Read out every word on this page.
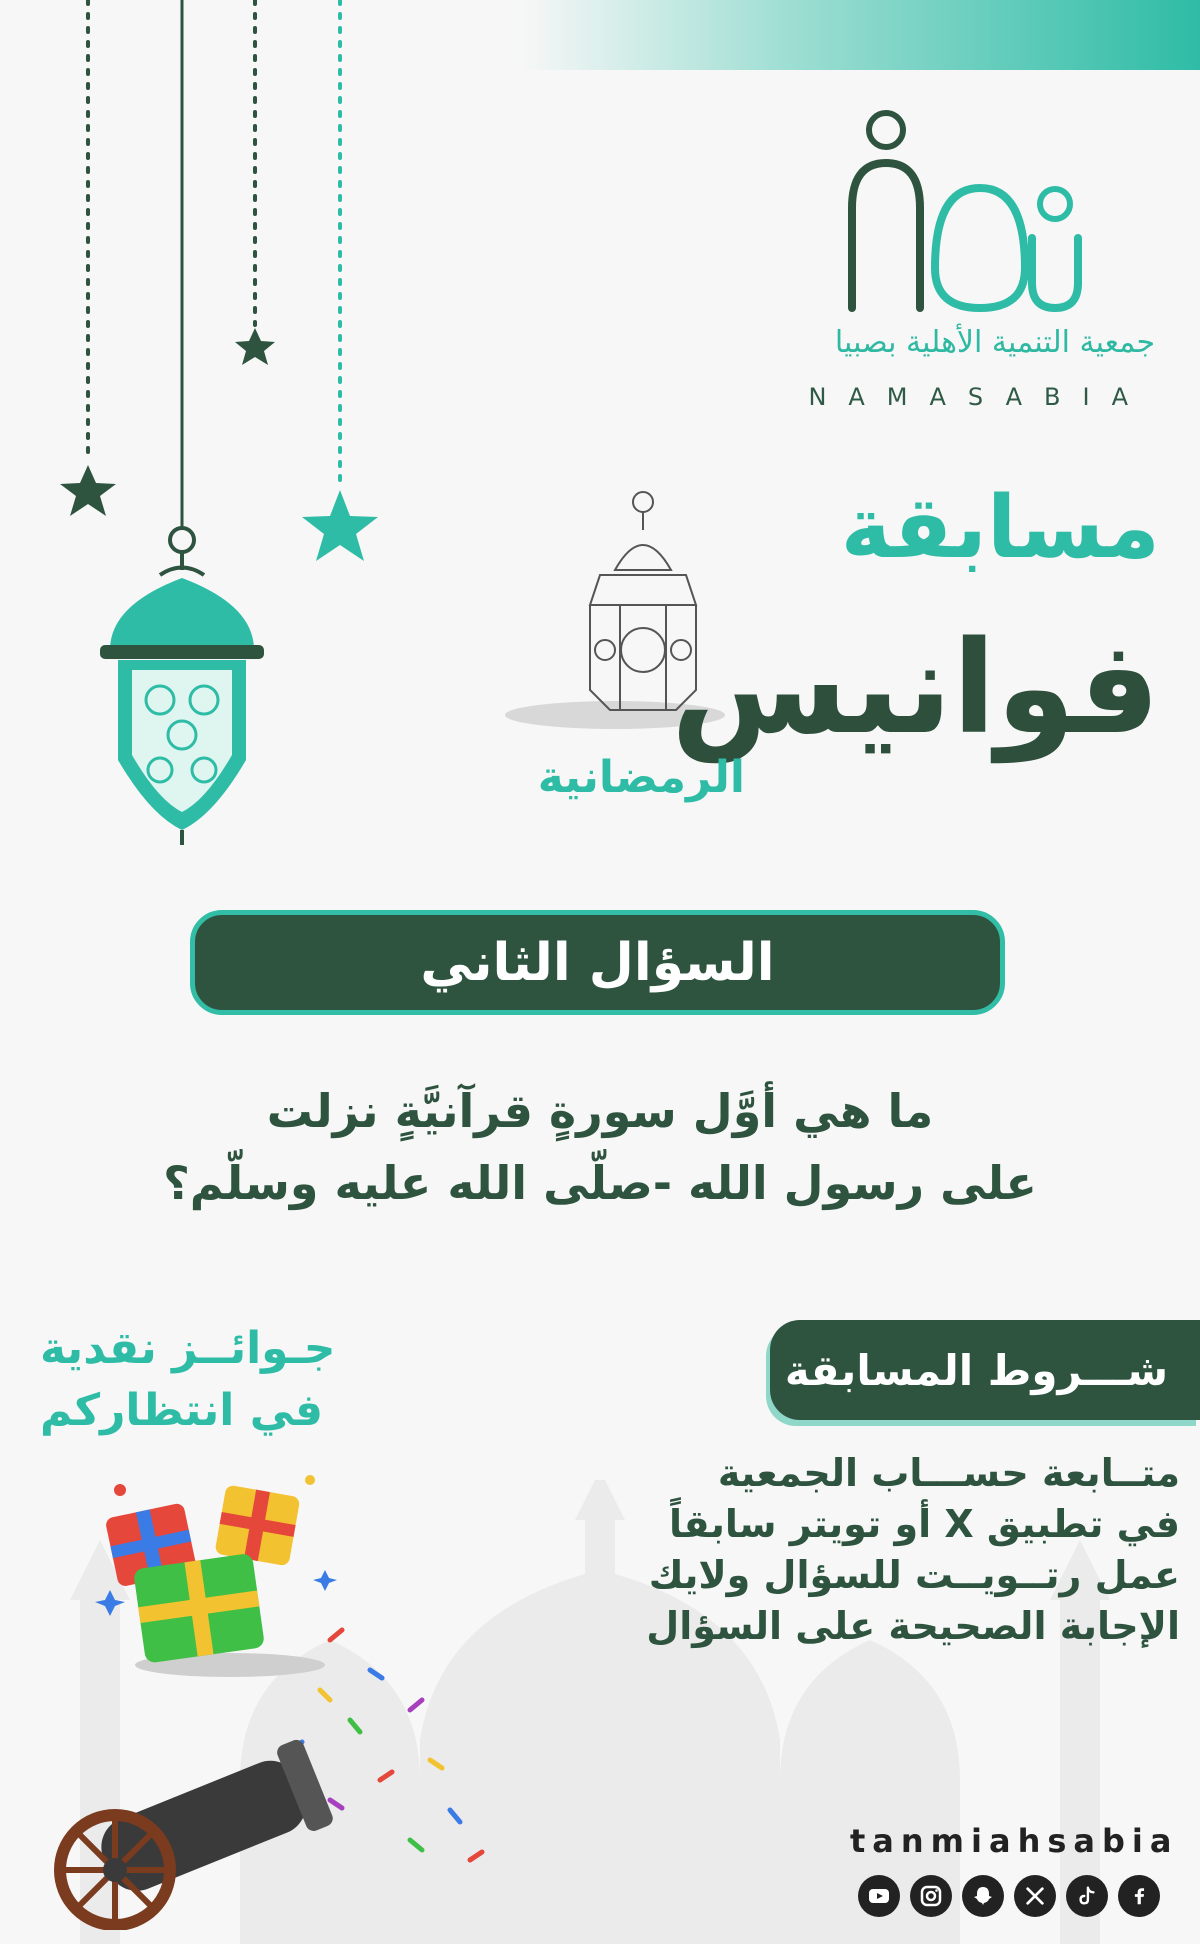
جمعية التنمية الأهلية بصبيا
NAMASABIA
مسابقة
فوانيس
الرمضانية
السؤال الثاني
ما هي أوَّل سورةٍ قرآنيَّةٍ نزلت
على رسول الله -صلّى الله عليه وسلّم؟
جـوائــز نقدية
في انتظاركم
شـــروط المسابقة
متــابعة حســـاب الجمعية
في تطبيق X أو تويتر سابقاً
عمل رتــويــت للسؤال ولايك
الإجابة الصحيحة على السؤال
tanmiahsabia
